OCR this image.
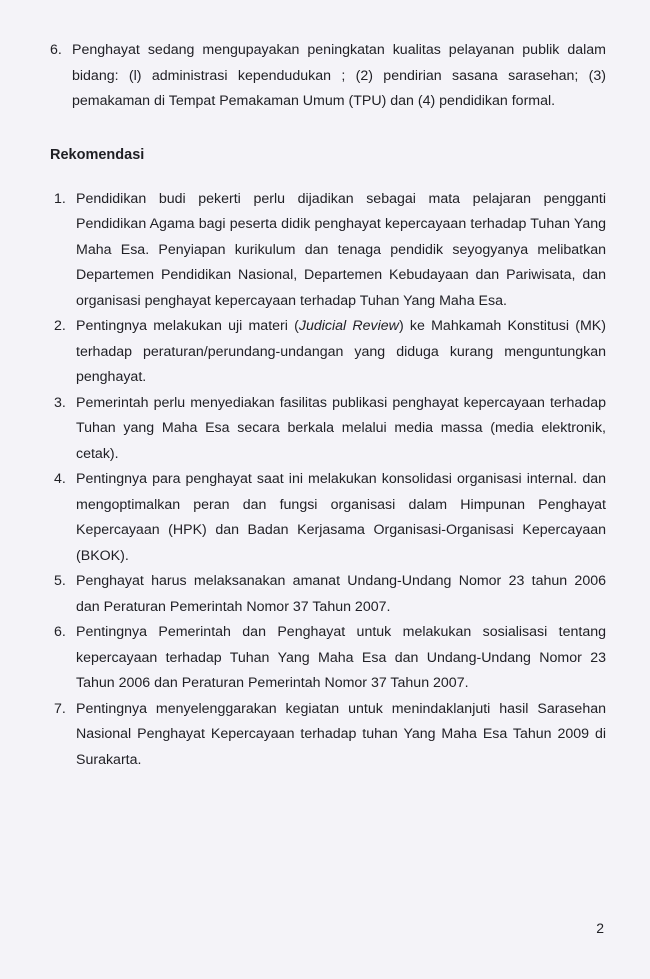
6. Penghayat sedang mengupayakan peningkatan kualitas pelayanan publik dalam bidang: (l) administrasi kependudukan ; (2) pendirian sasana sarasehan; (3) pemakaman di Tempat Pemakaman Umum (TPU) dan (4) pendidikan formal.
Rekomendasi
1. Pendidikan budi pekerti perlu dijadikan sebagai mata pelajaran pengganti Pendidikan Agama bagi peserta didik penghayat kepercayaan terhadap Tuhan Yang Maha Esa. Penyiapan kurikulum dan tenaga pendidik seyogyanya melibatkan Departemen Pendidikan Nasional, Departemen Kebudayaan dan Pariwisata, dan organisasi penghayat kepercayaan terhadap Tuhan Yang Maha Esa.
2. Pentingnya melakukan uji materi (Judicial Review) ke Mahkamah Konstitusi (MK) terhadap peraturan/perundang-undangan yang diduga kurang menguntungkan penghayat.
3. Pemerintah perlu menyediakan fasilitas publikasi penghayat kepercayaan terhadap Tuhan yang Maha Esa secara berkala melalui media massa (media elektronik, cetak).
4. Pentingnya para penghayat saat ini melakukan konsolidasi organisasi internal. dan mengoptimalkan peran dan fungsi organisasi dalam Himpunan Penghayat Kepercayaan (HPK) dan Badan Kerjasama Organisasi-Organisasi Kepercayaan (BKOK).
5. Penghayat harus melaksanakan amanat Undang-Undang Nomor 23 tahun 2006 dan Peraturan Pemerintah Nomor 37 Tahun 2007.
6. Pentingnya Pemerintah dan Penghayat untuk melakukan sosialisasi tentang kepercayaan terhadap Tuhan Yang Maha Esa dan Undang-Undang Nomor 23 Tahun 2006 dan Peraturan Pemerintah Nomor 37 Tahun 2007.
7. Pentingnya menyelenggarakan kegiatan untuk menindaklanjuti hasil Sarasehan Nasional Penghayat Kepercayaan terhadap tuhan Yang Maha Esa Tahun 2009 di Surakarta.
2
